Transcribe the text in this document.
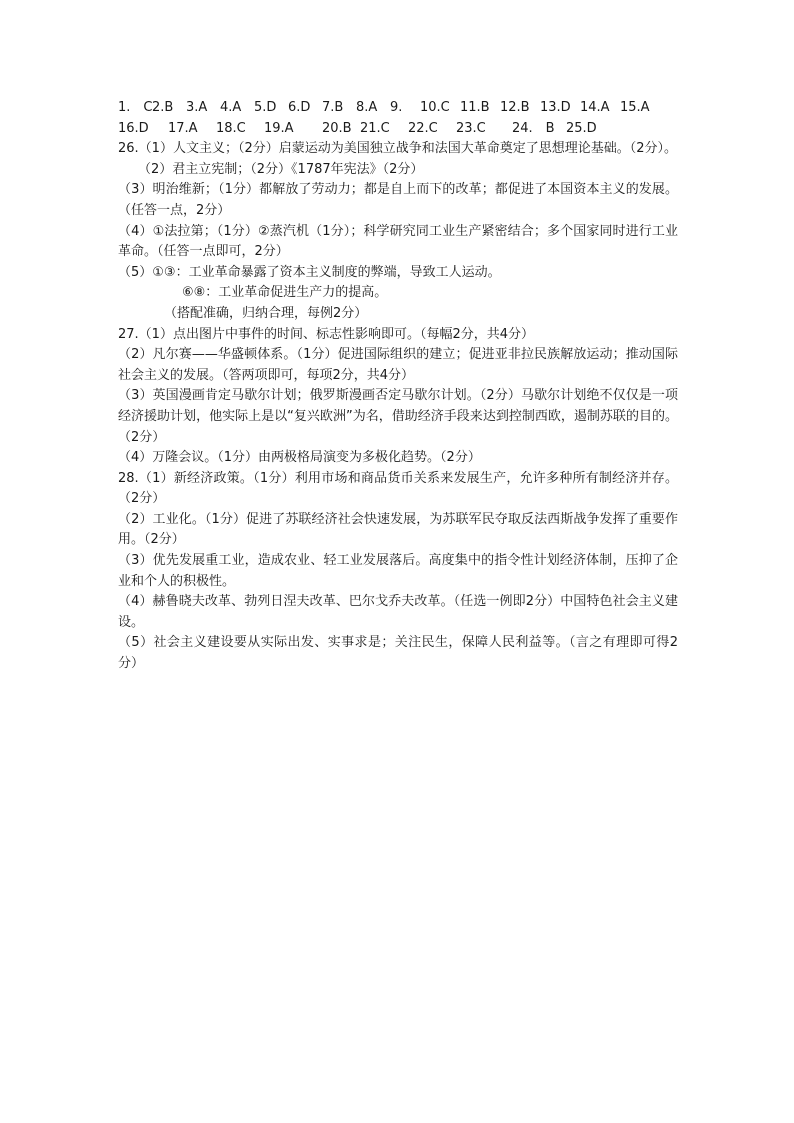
1.　C 2.B 3.A 4.A 5.D 6.D 7.B 8.A 9.	10.C 11.B 12.B 13.D 14.A 15.A
16.D	17.A	18.C	19.A	20.B 21.C	22.C	23.C	24.　B 25.D
26.（1）人文主义；（2分）启蒙运动为美国独立战争和法国大革命奠定了思想理论基础。（2分）。
（2）君主立宪制；（2分）《1787年宪法》（2分）
（3）明治维新；（1分）都解放了劳动力；都是自上而下的改革；都促进了本国资本主义的发展。（任答一点，2分）
（4）①法拉第；（1分）②蒸汽机（1分）；科学研究同工业生产紧密结合；多个国家同时进行工业革命。（任答一点即可，2分）
（5）①③：工业革命暴露了资本主义制度的弊端，导致工人运动。
⑥⑧：工业革命促进生产力的提高。
（搭配准确，归纳合理，每例2分）
27.（1）点出图片中事件的时间、标志性影响即可。（每幅2分，共4分）
（2）凡尔赛——华盛顿体系。（1分）促进国际组织的建立；促进亚非拉民族解放运动；推动国际社会主义的发展。（答两项即可，每项2分，共4分）
（3）英国漫画肯定马歇尔计划；俄罗斯漫画否定马歇尔计划。（2分）马歇尔计划绝不仅仅是一项经济援助计划，他实际上是以“复兴欧洲”为名，借助经济手段来达到控制西欧，遏制苏联的目的。（2分）
（4）万隆会议。（1分）由两极格局演变为多极化趋势。（2分）
28.（1）新经济政策。（1分）利用市场和商品货币关系来发展生产，允许多种所有制经济并存。（2分）
（2）工业化。（1分）促进了苏联经济社会快速发展，为苏联军民夺取反法西斯战争发挥了重要作用。（2分）
（3）优先发展重工业，造成农业、轻工业发展落后。高度集中的指令性计划经济体制，压抑了企业和个人的积极性。
（4）赫鲁晓夫改革、勃列日涅夫改革、巴尔戈乔夫改革。（任选一例即2分）中国特色社会主义建设。
（5）社会主义建设要从实际出发、实事求是；关注民生，保障人民利益等。（言之有理即可得2分）
